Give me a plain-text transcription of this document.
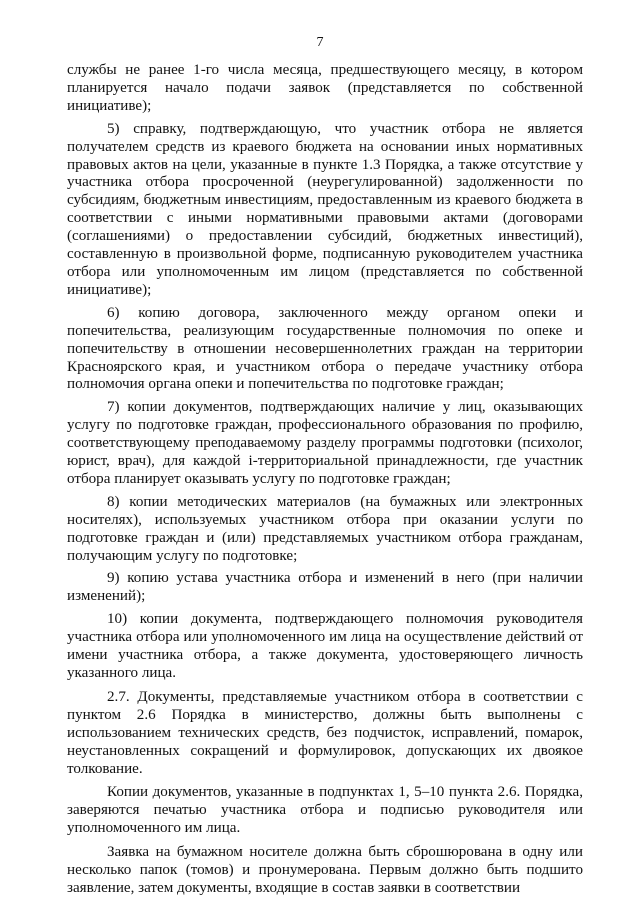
7

службы не ранее 1-го числа месяца, предшествующего месяцу, в котором планируется начало подачи заявок (представляется по собственной инициативе);

5) справку, подтверждающую, что участник отбора не является получателем средств из краевого бюджета на основании иных нормативных правовых актов на цели, указанные в пункте 1.3 Порядка, а также отсутствие у участника отбора просроченной (неурегулированной) задолженности по субсидиям, бюджетным инвестициям, предоставленным из краевого бюджета в соответствии с иными нормативными правовыми актами (договорами (соглашениями) о предоставлении субсидий, бюджетных инвестиций), составленную в произвольной форме, подписанную руководителем участника отбора или уполномоченным им лицом (представляется по собственной инициативе);

6) копию договора, заключенного между органом опеки и попечительства, реализующим государственные полномочия по опеке и попечительству в отношении несовершеннолетних граждан на территории Красноярского края, и участником отбора о передаче участнику отбора полномочия органа опеки и попечительства по подготовке граждан;

7) копии документов, подтверждающих наличие у лиц, оказывающих услугу по подготовке граждан, профессионального образования по профилю, соответствующему преподаваемому разделу программы подготовки (психолог, юрист, врач), для каждой i-территориальной принадлежности, где участник отбора планирует оказывать услугу по подготовке граждан;

8) копии методических материалов (на бумажных или электронных носителях), используемых участником отбора при оказании услуги по подготовке граждан и (или) представляемых участником отбора гражданам, получающим услугу по подготовке;

9) копию устава участника отбора и изменений в него (при наличии изменений);

10) копии документа, подтверждающего полномочия руководителя участника отбора или уполномоченного им лица на осуществление действий от имени участника отбора, а также документа, удостоверяющего личность указанного лица.

2.7. Документы, представляемые участником отбора в соответствии с пунктом 2.6 Порядка в министерство, должны быть выполнены с использованием технических средств, без подчисток, исправлений, помарок, неустановленных сокращений и формулировок, допускающих их двоякое толкование.

Копии документов, указанные в подпунктах 1, 5–10 пункта 2.6. Порядка, заверяются печатью участника отбора и подписью руководителя или уполномоченного им лица.

Заявка на бумажном носителе должна быть сброшюрована в одну или несколько папок (томов) и пронумерована. Первым должно быть подшито заявление, затем документы, входящие в состав заявки в соответствии
